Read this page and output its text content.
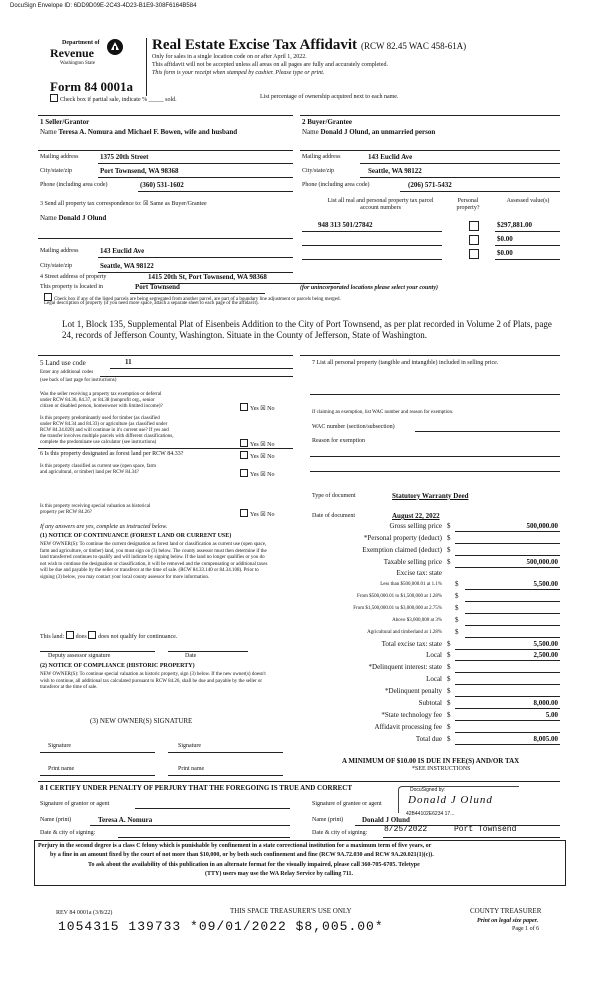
DocuSign Envelope ID: 6DD9D09E-2C43-4D23-B1E9-308F6164B584
Department of
Revenue
Washington State
Real Estate Excise Tax Affidavit (RCW 82.45 WAC 458-61A)
Only for sales in a single location code on or after April 1, 2022.
This affidavit will not be accepted unless all areas on all pages are fully and accurately completed.
This form is your receipt when stamped by cashier. Please type or print.
Form 84 0001a
Check box if partial sale, indicate % _____ sold.	List percentage of ownership acquired next to each name.
1 Seller/Grantor
Name Teresa A. Nomura and Michael F. Bowen, wife and husband
2 Buyer/Grantee
Name Donald J Olund, an unmarried person
Mailing address	1375 20th Street
City/state/zip	Port Townsend, WA 98368
Phone (including area code)	(360) 531-1602
Mailing address	143 Euclid Ave
City/state/zip	Seattle, WA 98122
Phone (including area code)	(206) 571-5432
3 Send all property tax correspondence to: ☒ Same as Buyer/Grantee
Name Donald J Olund
Mailing address	143 Euclid Ave
City/state/zip	Seattle, WA 98122
List all real and personal property tax parcel account numbers
Personal property?
Assessed value(s)
948 313 501/27842	$297,881.00
$0.00
$0.00
4 Street address of property	1415 20th St, Port Townsend, WA 98368
This property is located in	Port Townsend	(for unincorporated locations please select your county)
Check box if any of the listed parcels are being segregated from another parcel, are part of a boundary line adjustment or parcels being merged.
Legal description of property (if you need more space, attach a separate sheet to each page of the affidavit).
Lot 1, Block 135, Supplemental Plat of Eisenbeis Addition to the City of Port Townsend, as per plat recorded in Volume 2 of Plats, page 24, records of Jefferson County, Washington. Situate in the County of Jefferson, State of Washington.
5 Land use code	11
Enter any additional codes
(see back of last page for instructions)
Was the seller receiving a property tax exemption or deferral
under RCW 84.36, 84.37, or 84.38 (nonprofit org., senior
citizen or disabled person, homeowner with limited income)?	Yes ☒ No
Is this property predominantly used for timber (as classified
under RCW 84.34 and 84.33) or agriculture (as classified under
RCW 84.34.020) and will continue in it's current use? If yes and
the transfer involves multiple parcels with different classifications,
complete the predominate use calculator (see instructions)	Yes ☒ No
6 Is this property designated as forest land per RCW 84.33?	Yes ☒ No
Is this property classified as current use (open space, farm
and agricultural, or timber) land per RCW 84.34?	Yes ☒ No
Is this property receiving special valuation as historical
property per RCW 84.26?	Yes ☒ No
If any answers are yes, complete as instructed below.
(1) NOTICE OF CONTINUANCE (FOREST LAND OR CURRENT USE)
NEW OWNER(S): To continue the current designation as forest land or classification as current use (open space, farm and agriculture, or timber) land, you must sign on (3) below. The county assessor must then determine if the land transferred continues to qualify and will indicate by signing below. If the land no longer qualifies or you do not wish to continue the designation or classification, it will be removed and the compensating or additional taxes will be due and payable by the seller or transferor at the time of sale. (RCW 84.33.140 or 84.34.108). Prior to signing (3) below, you may contact your local county assessor for more information.
This land: does does not qualify for continuance.
Deputy assessor signature	Date
(2) NOTICE OF COMPLIANCE (HISTORIC PROPERTY)
NEW OWNER(S): To continue special valuation as historic property, sign (3) below. If the new owner(s) doesn't wish to continue, all additional tax calculated pursuant to RCW 84.26, shall be due and payable by the seller or transferor at the time of sale.
(3) NEW OWNER(S) SIGNATURE
Signature	Signature
Print name	Print name
7 List all personal property (tangible and intangible) included in selling price.
If claiming an exemption, list WAC number and reason for exemption.
WAC number (section/subsection)
Reason for exemption
Type of document	Statutory Warranty Deed
Date of document	August 22, 2022
Gross selling price $	500,000.00
*Personal property (deduct) $
Exemption claimed (deduct) $
Taxable selling price $	500,000.00
Excise tax: state
Less than $500,000.01 at 1.1% $	5,500.00
From $500,000.01 to $1,500,000 at 1.28% $
From $1,500,000.01 to $3,000,000 at 2.75% $
Above $3,000,000 at 3% $
Agricultural and timberland at 1.28% $
Total excise tax: state $	5,500.00
Local $	2,500.00
*Delinquent interest: state $
Local $
*Delinquent penalty $
Subtotal $	8,000.00
*State technology fee $	5.00
Affidavit processing fee $
Total due $	8,005.00
A MINIMUM OF $10.00 IS DUE IN FEE(S) AND/OR TAX
*SEE INSTRUCTIONS
8 I CERTIFY UNDER PENALTY OF PERJURY THAT THE FOREGOING IS TRUE AND CORRECT
Signature of grantor or agent	Signature of grantee or agent
DocuSigned by:
Donald J Olund
42B44102E6234 17...
Name (print)	Teresa A. Nomura	Name (print)	Donald J Olund
Date & city of signing:	Date & city of signing: 8/25/2022	Port Townsend
Perjury in the second degree is a class C felony which is punishable by confinement in a state correctional institution for a maximum term of five years, or
by a fine in an amount fixed by the court of not more than $10,000, or by both such confinement and fine (RCW 9A.72.030 and RCW 9A.20.021(1)(c)).
To ask about the availability of this publication in an alternate format for the visually impaired, please call 360-705-6705. Teletype
(TTY) users may use the WA Relay Service by calling 711.
REV 84 0001a (3/8/22)	THIS SPACE TREASURER'S USE ONLY	COUNTY TREASURER
Print on legal size paper.
Page 1 of 6
1054315 139733 *09/01/2022 $8,005.00*
